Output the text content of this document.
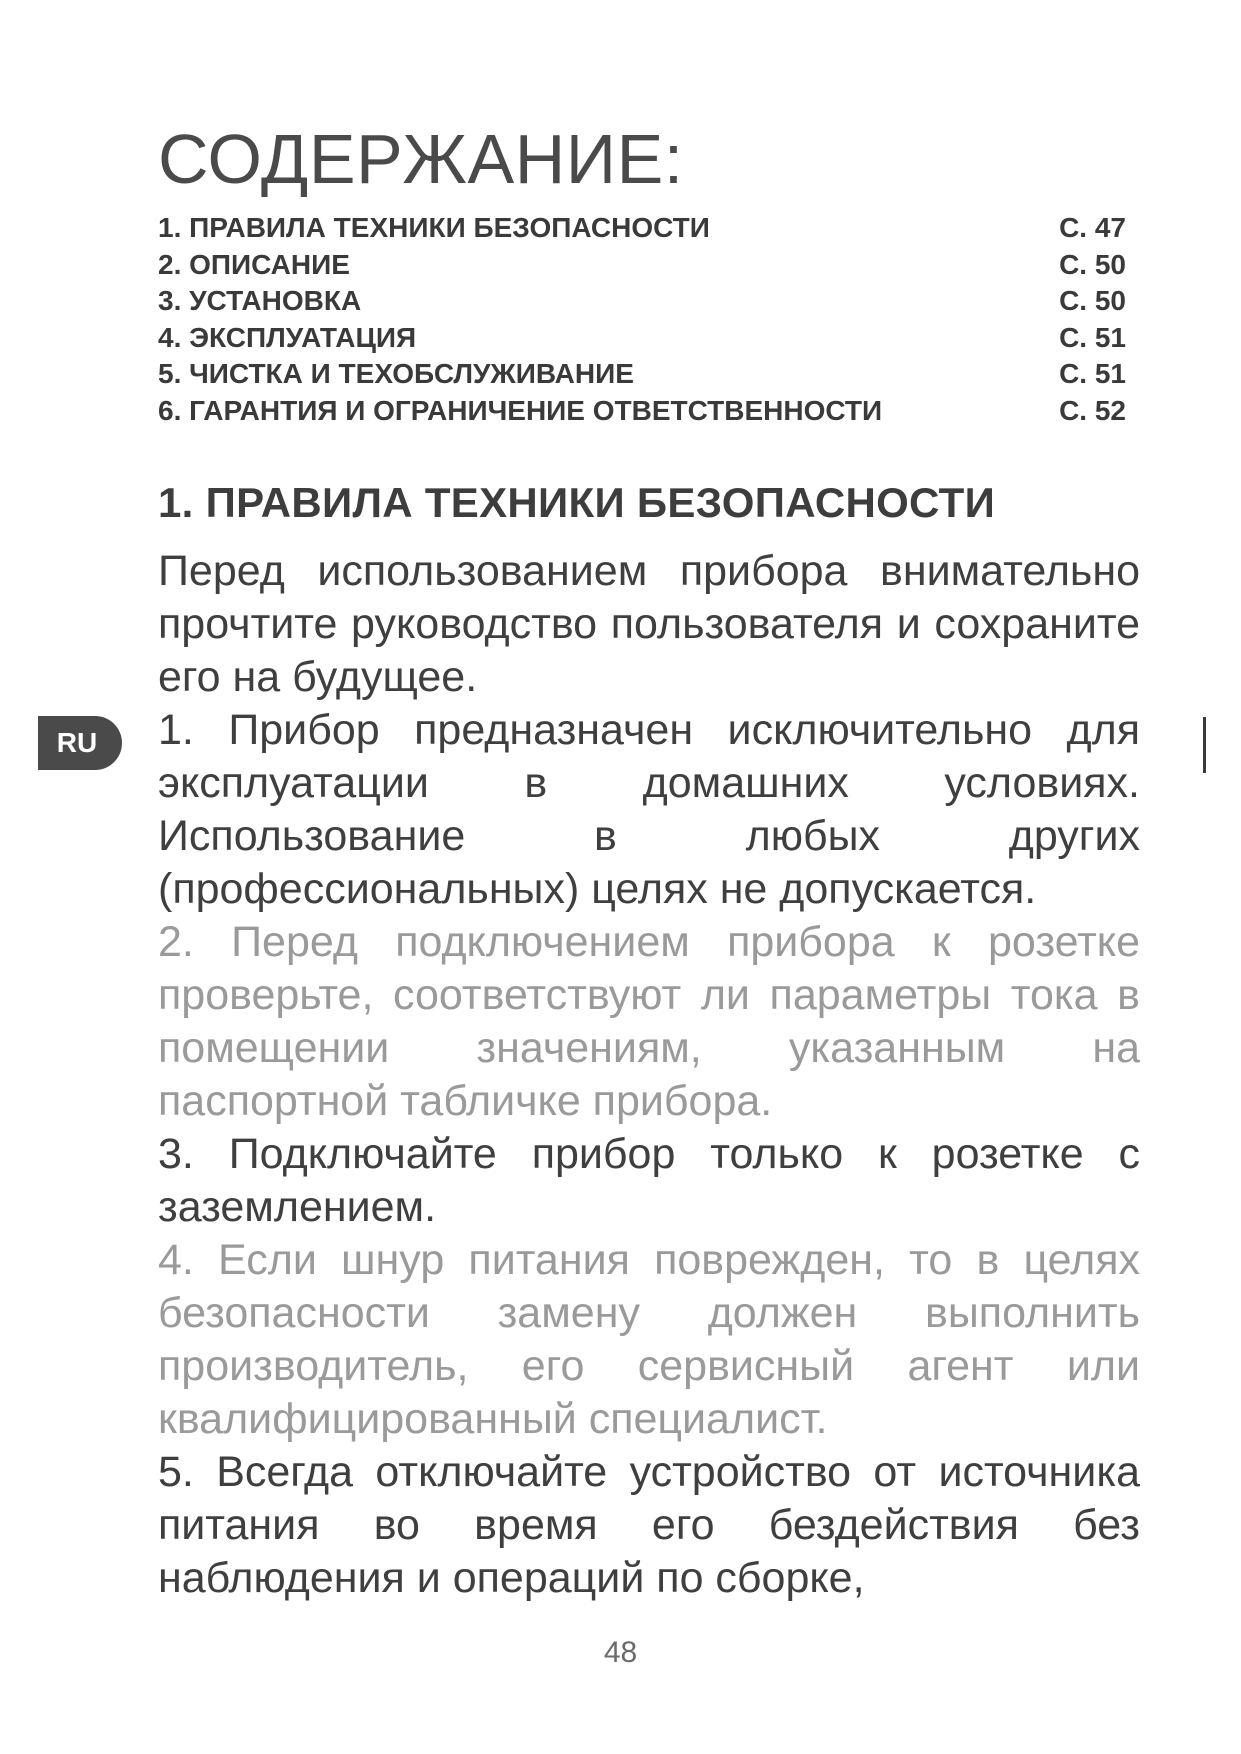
RU
СОДЕРЖАНИЕ:
1. ПРАВИЛА ТЕХНИКИ БЕЗОПАСНОСТИ	С. 47
2. ОПИСАНИЕ	С. 50
3. УСТАНОВКА	С. 50
4. ЭКСПЛУАТАЦИЯ	С. 51
5. ЧИСТКА И ТЕХОБСЛУЖИВАНИЕ	С. 51
6. ГАРАНТИЯ И ОГРАНИЧЕНИЕ ОТВЕТСТВЕННОСТИ	С. 52
1. ПРАВИЛА ТЕХНИКИ БЕЗОПАСНОСТИ

Перед использованием прибора внимательно прочтите руководство пользователя и сохраните его на будущее.

1. Прибор предназначен исключительно для эксплуатации в домашних условиях. Использование в любых других (профессиональных) целях не допускается.

2. Перед подключением прибора к розетке проверьте, соответствуют ли параметры тока в помещении значениям, указанным на паспортной табличке прибора.

3. Подключайте прибор только к розетке с заземлением.

4. Если шнур питания поврежден, то в целях безопасности замену должен выполнить производитель, его сервисный агент или квалифицированный специалист.

5. Всегда отключайте устройство от источника питания во время его бездействия без наблюдения и операций по сборке,

48
